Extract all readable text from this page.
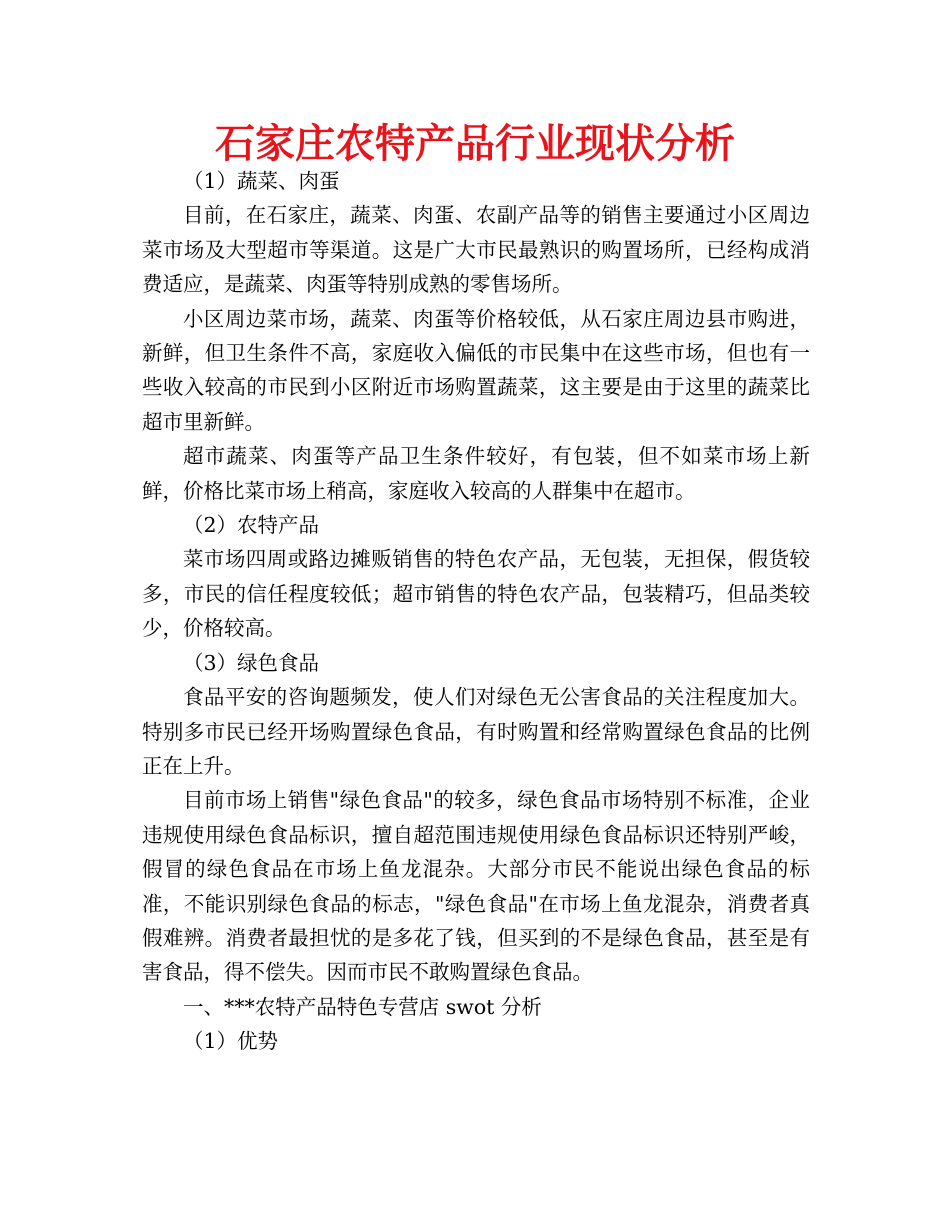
石家庄农特产品行业现状分析

（1）蔬菜、肉蛋

目前，在石家庄，蔬菜、肉蛋、农副产品等的销售主要通过小区周边菜市场及大型超市等渠道。这是广大市民最熟识的购置场所，已经构成消费适应，是蔬菜、肉蛋等特别成熟的零售场所。

小区周边菜市场，蔬菜、肉蛋等价格较低，从石家庄周边县市购进，新鲜，但卫生条件不高，家庭收入偏低的市民集中在这些市场，但也有一些收入较高的市民到小区附近市场购置蔬菜，这主要是由于这里的蔬菜比超市里新鲜。

超市蔬菜、肉蛋等产品卫生条件较好，有包装，但不如菜市场上新鲜，价格比菜市场上稍高，家庭收入较高的人群集中在超市。

（2）农特产品

菜市场四周或路边摊贩销售的特色农产品，无包装，无担保，假货较多，市民的信任程度较低；超市销售的特色农产品，包装精巧，但品类较少，价格较高。

（3）绿色食品

食品平安的咨询题频发，使人们对绿色无公害食品的关注程度加大。特别多市民已经开场购置绿色食品，有时购置和经常购置绿色食品的比例正在上升。

目前市场上销售"绿色食品"的较多，绿色食品市场特别不标准，企业违规使用绿色食品标识，擅自超范围违规使用绿色食品标识还特别严峻，假冒的绿色食品在市场上鱼龙混杂。大部分市民不能说出绿色食品的标准，不能识别绿色食品的标志，"绿色食品"在市场上鱼龙混杂，消费者真假难辨。消费者最担忧的是多花了钱，但买到的不是绿色食品，甚至是有害食品，得不偿失。因而市民不敢购置绿色食品。

一、***农特产品特色专营店 swot 分析

（1）优势
